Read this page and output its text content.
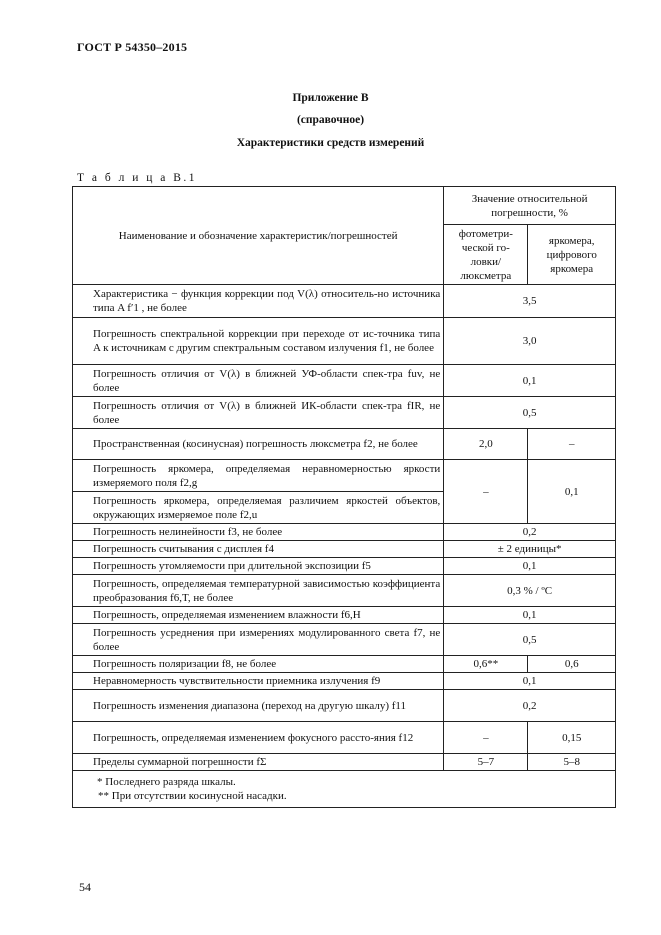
ГОСТ Р 54350–2015
Приложение В
(справочное)
Характеристики средств измерений
Т а б л и ц а В.1
Наименование и обозначение характеристик/погрешностей	Значение относительной погрешности, %	
	фотометри-ческой го-ловки/ люксметра	яркомера, цифрового яркомера
Характеристика − функция коррекции под V(λ) относитель-но источника типа A f′1 , не более	3,5	
Погрешность спектральной коррекции при переходе от ис-точника типа A к источникам с другим спектральным составом излучения f1, не более	3,0	
Погрешность отличия от V(λ) в ближней УФ-области спек-тра fuv, не более	0,1	
Погрешность отличия от V(λ) в ближней ИК-области спек-тра fIR, не более	0,5	
Пространственная (косинусная) погрешность люксметра f2, не более	2,0	–
Погрешность яркомера, определяемая неравномерностью яркости измеряемого поля f2,g	–	0,1
Погрешность яркомера, определяемая различием яркостей объектов, окружающих измеряемое поле f2,u		
Погрешность нелинейности f3, не более	0,2	
Погрешность считывания с дисплея f4	± 2 единицы*	
Погрешность утомляемости при длительной экспозиции f5	0,1	
Погрешность, определяемая температурной зависимостью коэффициента преобразования f6,T, не более	0,3 % / ºС	
Погрешность, определяемая изменением влажности f6,H	0,1	
Погрешность усреднения при измерениях модулированного света f7, не более	0,5	
Погрешность поляризации f8, не более	0,6**	0,6
Неравномерность чувствительности приемника излучения f9	0,1	
Погрешность изменения диапазона (переход на другую шкалу) f11	0,2	
Погрешность, определяемая изменением фокусного рассто-яния f12	–	0,15
Пределы суммарной погрешности fΣ	5–7	5–8

* Последнего разряда шкалы.
** При отсутствии косинусной насадки.		
54
